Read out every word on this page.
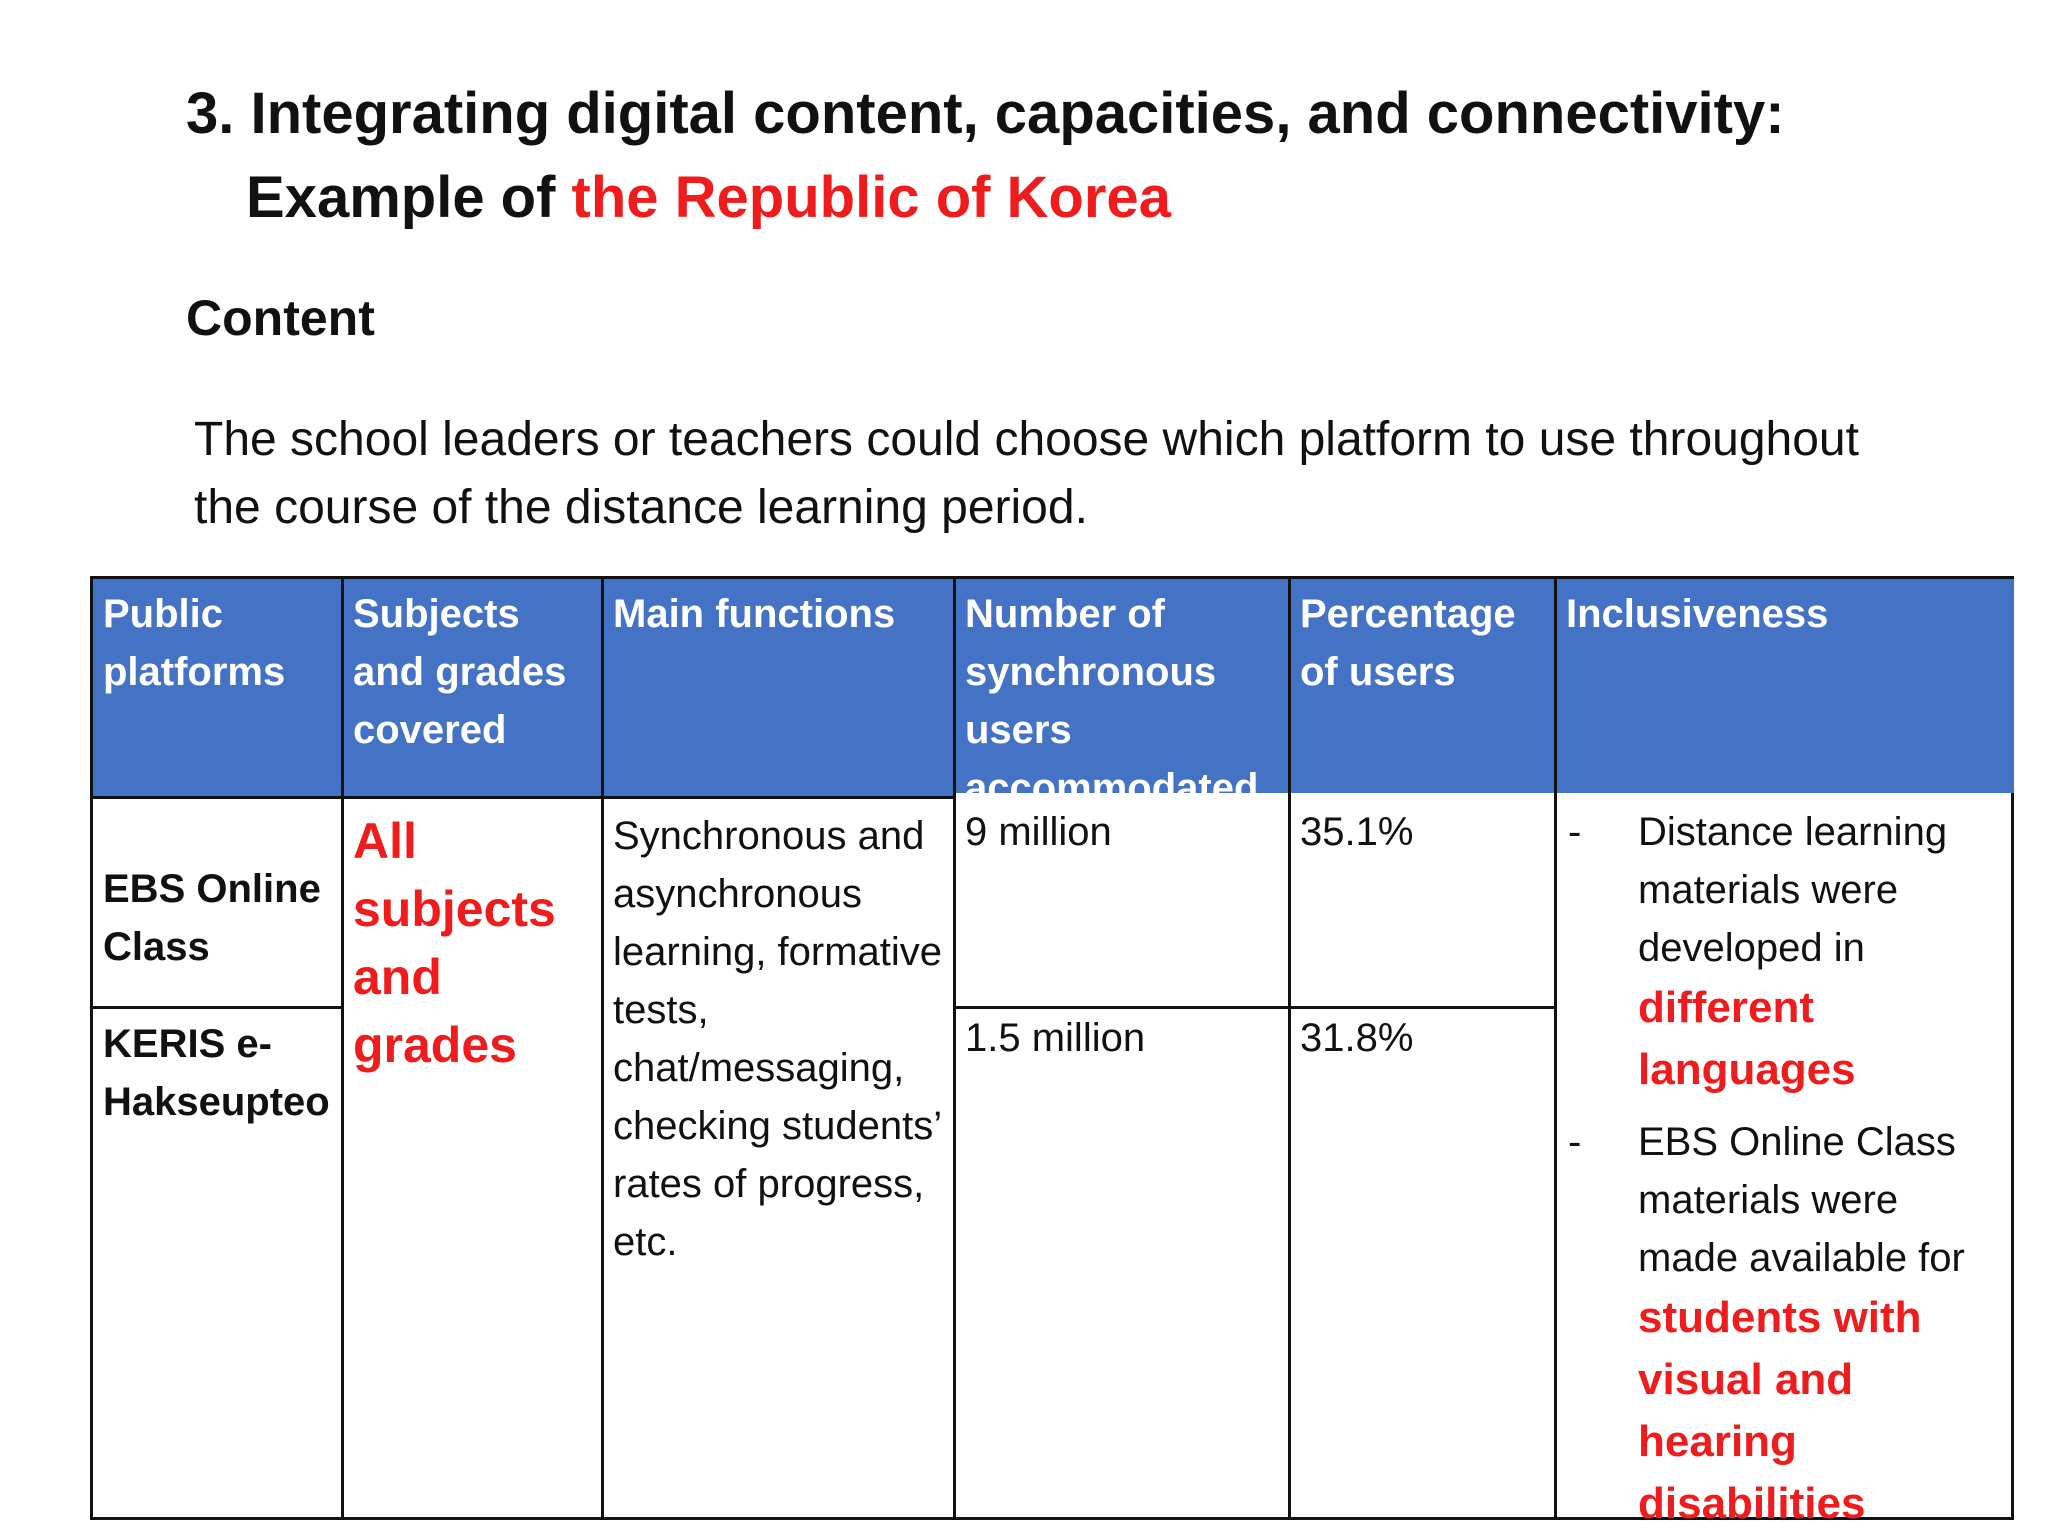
3. Integrating digital content, capacities, and connectivity:
Example of the Republic of Korea
Content

The school leaders or teachers could choose which platform to use throughout the course of the distance learning period.

Public platforms
Subjects and grades covered
Main functions	Number of synchronous users accommodated
Percentage of users
Inclusiveness
EBS Online Class
KERIS e-Hakseupteo
All subjects and grades
Synchronous and asynchronous learning, formative tests, chat/messaging, checking students’ rates of progress, etc.
9 million
1.5 million
35.1%
31.8%
- Distance learning materials were developed in
different languages
- EBS Online Class materials were made available for
students with visual and hearing disabilities
